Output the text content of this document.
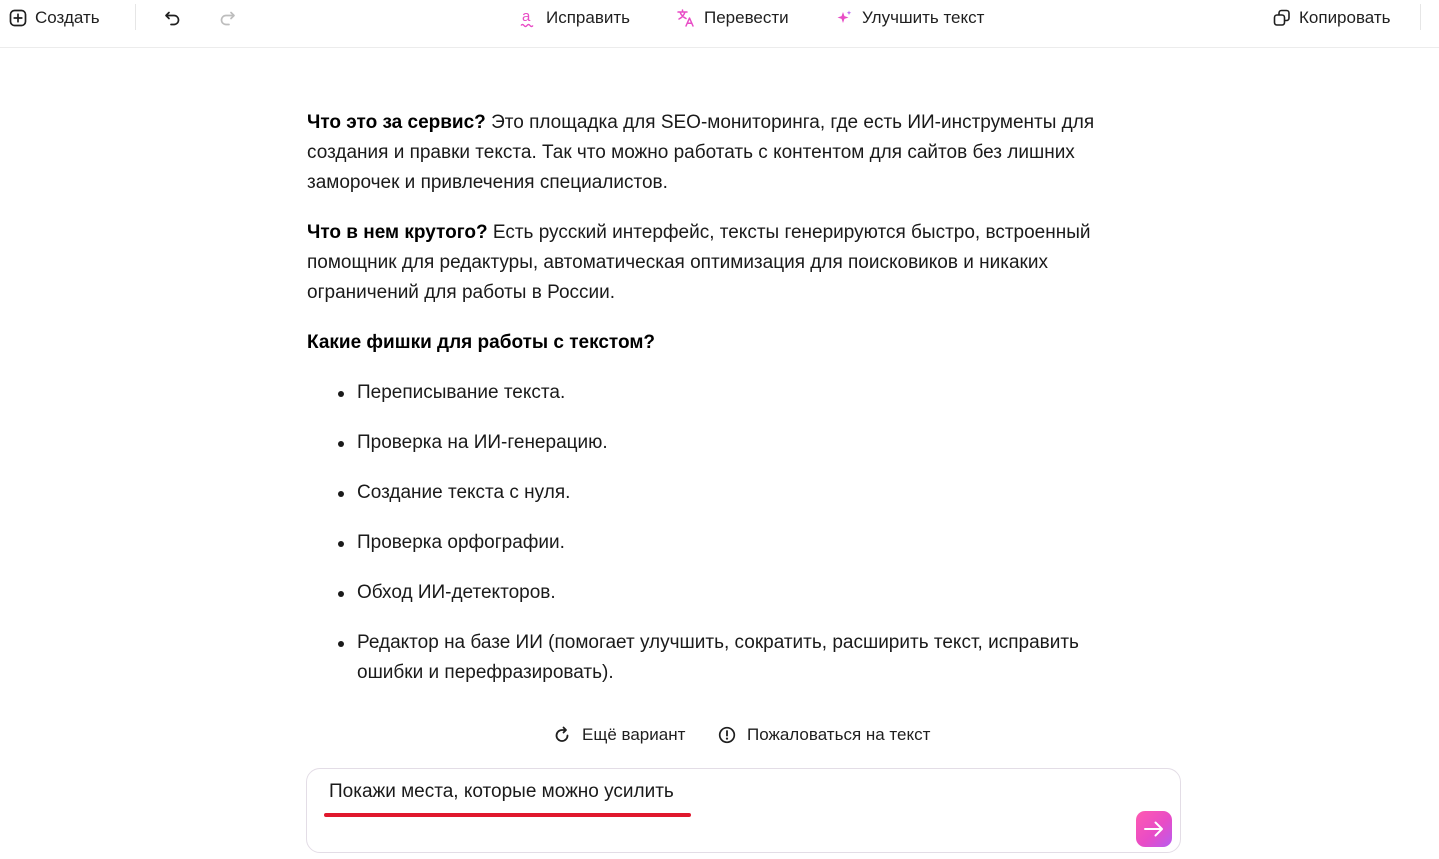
Создать	a Исправить	Перевести	Улучшить текст	Копировать

Что это за сервис? Это площадка для SEO-мониторинга, где есть ИИ-инструменты для создания и правки текста. Так что можно работать с контентом для сайтов без лишних заморочек и привлечения специалистов.

Что в нем крутого? Есть русский интерфейс, тексты генерируются быстро, встроенный помощник для редактуры, автоматическая оптимизация для поисковиков и никаких ограничений для работы в России.

Какие фишки для работы с текстом?

Переписывание текста.
Проверка на ИИ-генерацию.
Создание текста с нуля.
Проверка орфографии.
Обход ИИ-детекторов.
Редактор на базе ИИ (помогает улучшить, сократить, расширить текст, исправить ошибки и перефразировать).
Ещё вариант	Пожаловаться на текст
Покажи места, которые можно усилить
